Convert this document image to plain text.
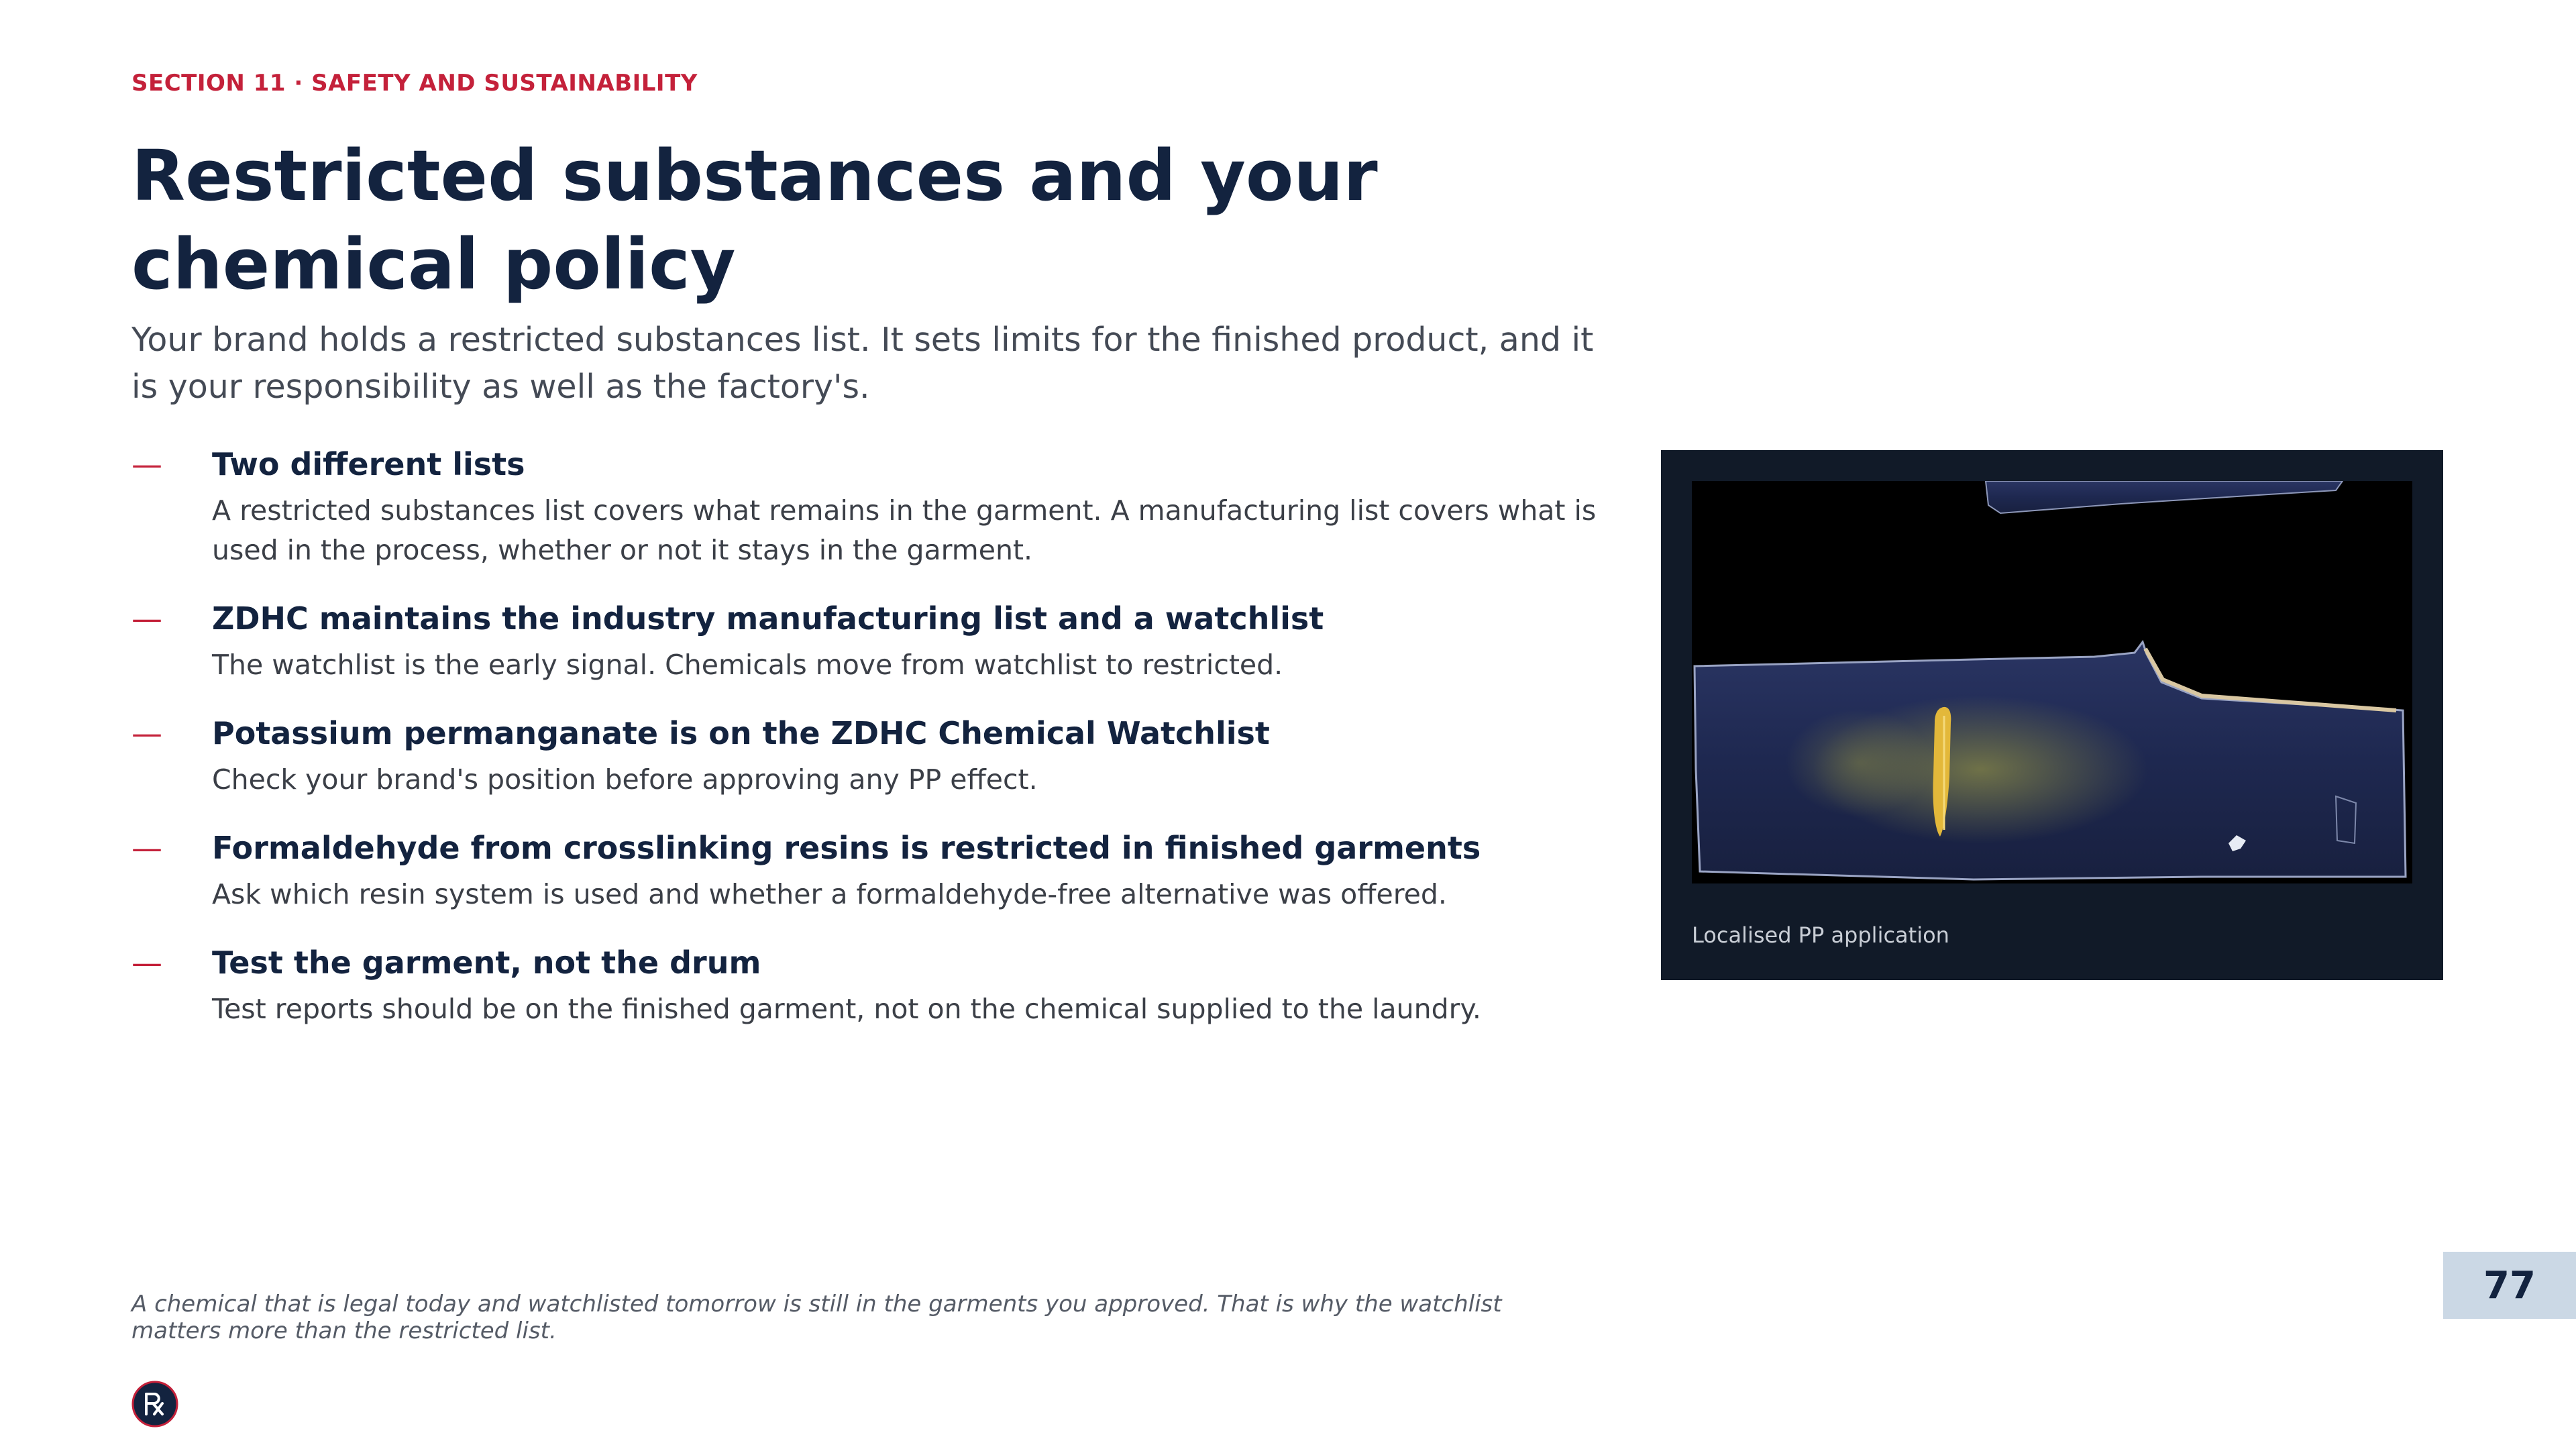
SECTION 11 · SAFETY AND SUSTAINABILITY
Restricted substances and your chemical policy

Your brand holds a restricted substances list. It sets limits for the finished product, and it is your responsibility as well as the factory's.

— Two different lists
A restricted substances list covers what remains in the garment. A manufacturing list covers what is used in the process, whether or not it stays in the garment.
— ZDHC maintains the industry manufacturing list and a watchlist
The watchlist is the early signal. Chemicals move from watchlist to restricted.
— Potassium permanganate is on the ZDHC Chemical Watchlist
Check your brand's position before approving any PP effect.
— Formaldehyde from crosslinking resins is restricted in finished garments
Ask which resin system is used and whether a formaldehyde-free alternative was offered.
— Test the garment, not the drum
Test reports should be on the finished garment, not on the chemical supplied to the laundry.
Localised PP application

A chemical that is legal today and watchlisted tomorrow is still in the garments you approved. That is why the watchlist matters more than the restricted list.

77
